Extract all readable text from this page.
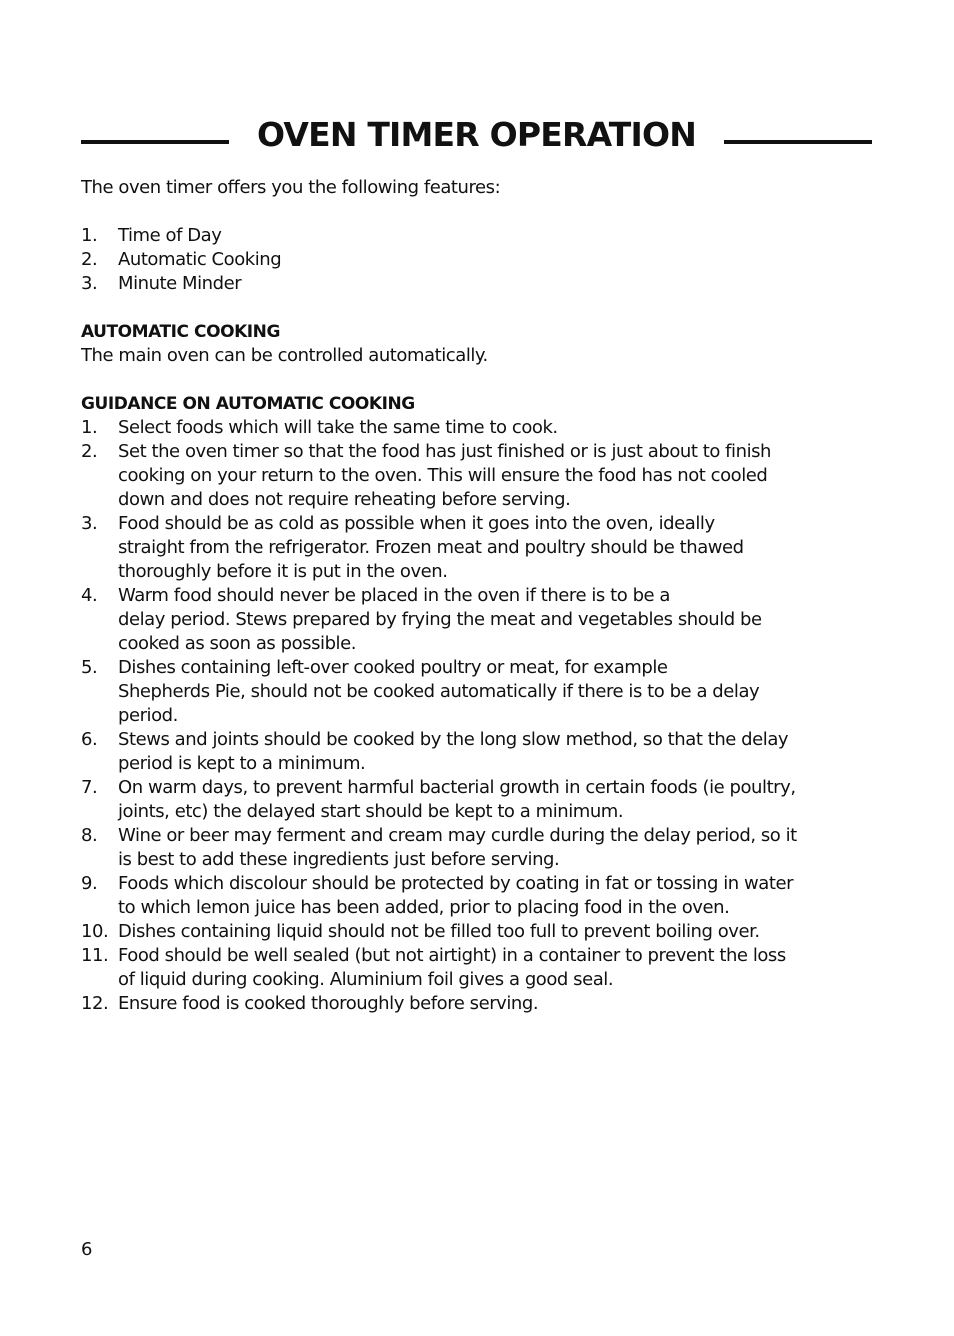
OVEN TIMER OPERATION

The oven timer offers you the following features:

1. Time of Day
2. Automatic Cooking
3. Minute Minder

AUTOMATIC COOKING

The main oven can be controlled automatically.

GUIDANCE ON AUTOMATIC COOKING

1. Select foods which will take the same time to cook.
2. Set the oven timer so that the food has just finished or is just about to finish
cooking on your return to the oven. This will ensure the food has not cooled
down and does not require reheating before serving.
3. Food should be as cold as possible when it goes into the oven, ideally
straight from the refrigerator. Frozen meat and poultry should be thawed
thoroughly before it is put in the oven.
4. Warm food should never be placed in the oven if there is to be a
delay period. Stews prepared by frying the meat and vegetables should be
cooked as soon as possible.
5. Dishes containing left-over cooked poultry or meat, for example
Shepherds Pie, should not be cooked automatically if there is to be a delay
period.
6. Stews and joints should be cooked by the long slow method, so that the delay
period is kept to a minimum.
7. On warm days, to prevent harmful bacterial growth in certain foods (ie poultry,
joints, etc) the delayed start should be kept to a minimum.
8. Wine or beer may ferment and cream may curdle during the delay period, so it
is best to add these ingredients just before serving.
9. Foods which discolour should be protected by coating in fat or tossing in water
to which lemon juice has been added, prior to placing food in the oven.
10. Dishes containing liquid should not be filled too full to prevent boiling over.
11. Food should be well sealed (but not airtight) in a container to prevent the loss
of liquid during cooking. Aluminium foil gives a good seal.
12. Ensure food is cooked thoroughly before serving.
6
